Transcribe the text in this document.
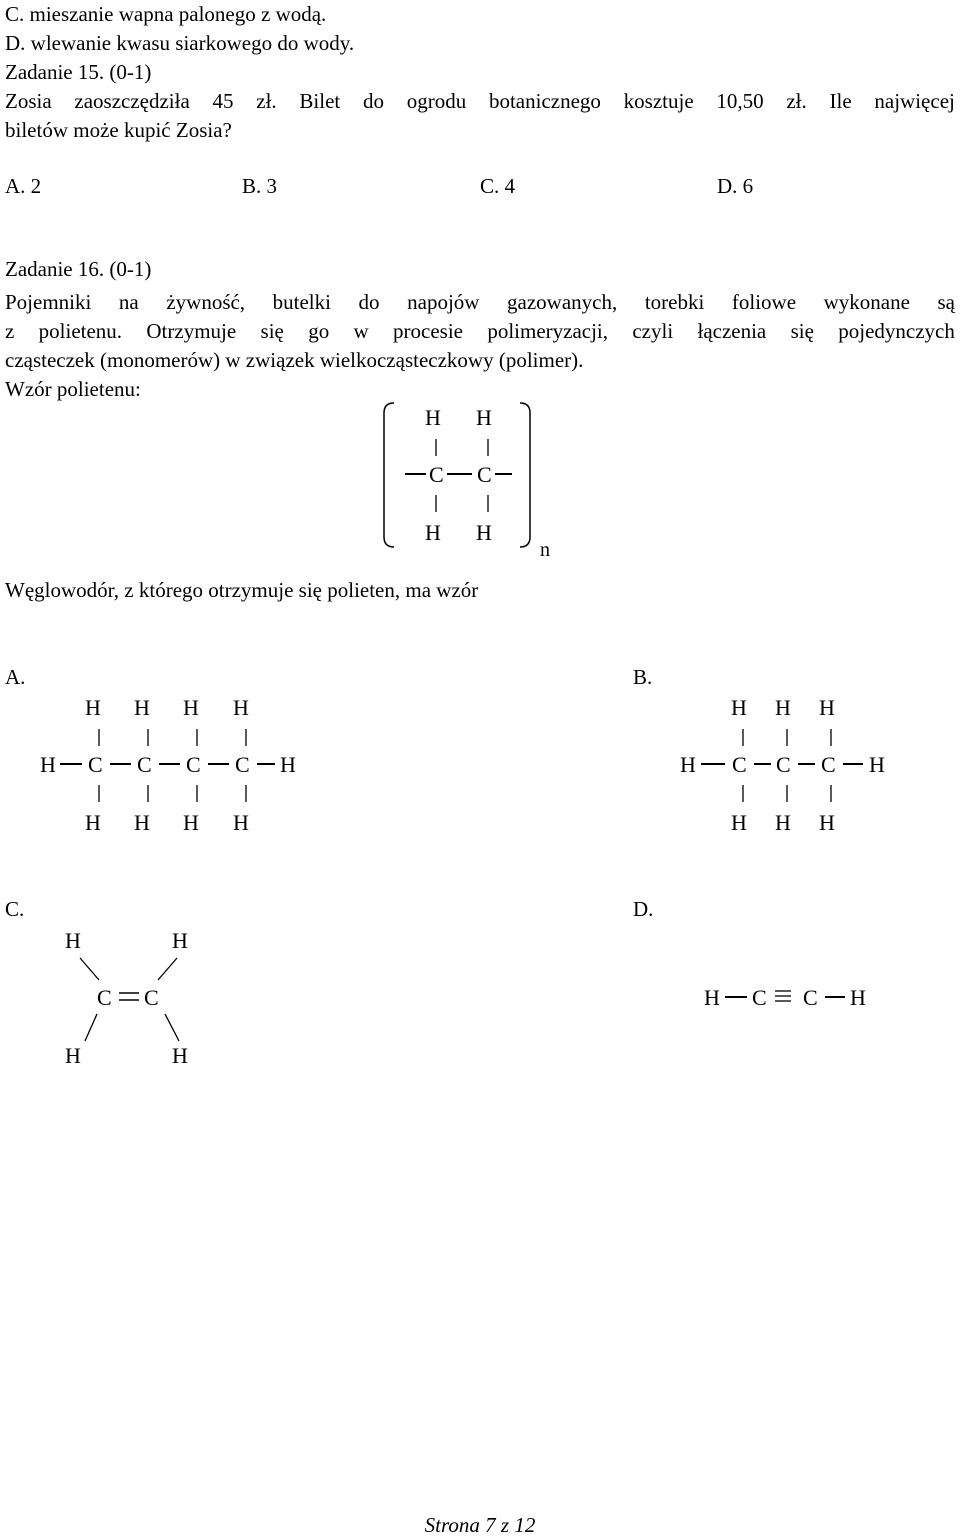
C. mieszanie wapna palonego z wodą.
D. wlewanie kwasu siarkowego do wody.
Zadanie 15. (0-1)
Zosia zaoszczędziła 45 zł. Bilet do ogrodu botanicznego kosztuje 10,50 zł. Ile najwięcej
biletów może kupić Zosia?
A. 2	B. 3	C. 4	D. 6
Zadanie 16. (0-1)
Pojemniki na żywność, butelki do napojów gazowanych, torebki foliowe wykonane są
z polietenu. Otrzymuje się go w procesie polimeryzacji, czyli łączenia się pojedynczych
cząsteczek (monomerów) w związek wielkocząsteczkowy (polimer).
Wzór polietenu:
H H
C C
H H
n
Węglowodór, z którego otrzymuje się polieten, ma wzór
A.	B.
C.	D.
H H H H
H C C C C H
H H H H
H H H
H C C C H
H H H
H	H
C C
H	H
H C C H
Strona 7 z 12
